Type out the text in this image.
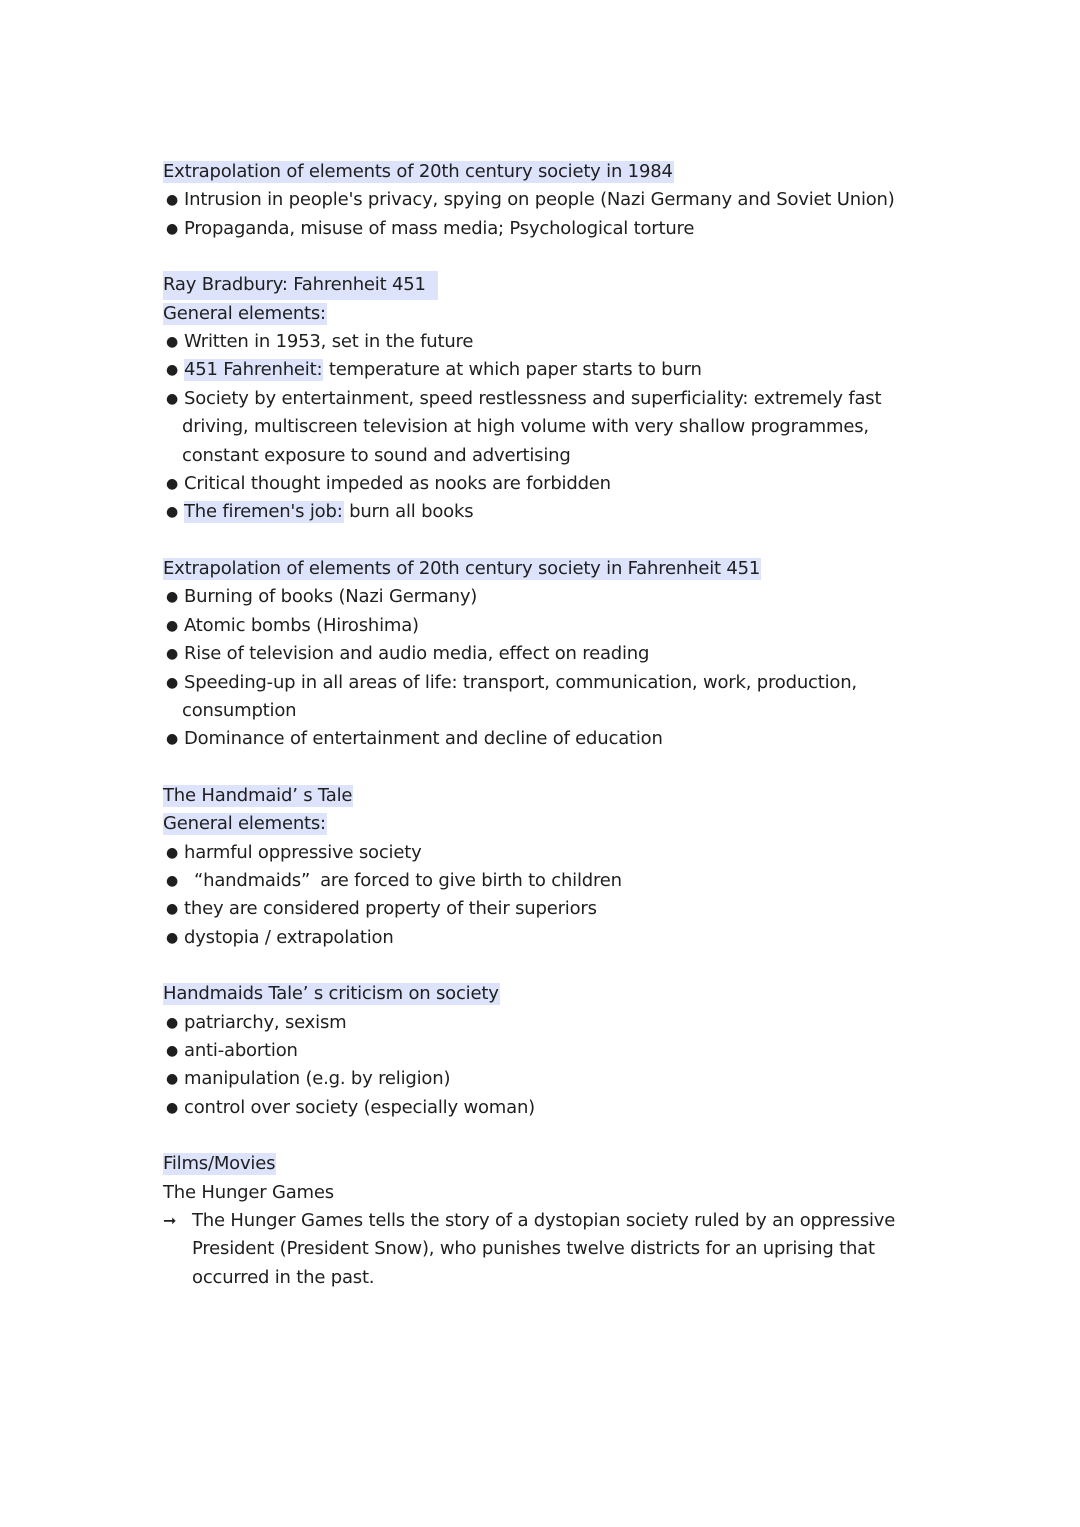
Extrapolation of elements of 20th century society in 1984
● Intrusion in people's privacy, spying on people (Nazi Germany and Soviet Union)
● Propaganda, misuse of mass media; Psychological torture
Ray Bradbury: Fahrenheit 451
General elements:
● Written in 1953, set in the future
● 451 Fahrenheit: temperature at which paper starts to burn
● Society by entertainment, speed restlessness and superficiality: extremely fast
driving, multiscreen television at high volume with very shallow programmes,
constant exposure to sound and advertising
● Critical thought impeded as nooks are forbidden
● The firemen's job: burn all books
Extrapolation of elements of 20th century society in Fahrenheit 451
● Burning of books (Nazi Germany)
● Atomic bombs (Hiroshima)
● Rise of television and audio media, effect on reading
● Speeding-up in all areas of life: transport, communication, work, production,
consumption
● Dominance of entertainment and decline of education
The Handmaid’ s Tale
General elements:
● harmful oppressive society
● “handmaids” are forced to give birth to children
● they are considered property of their superiors
● dystopia / extrapolation
Handmaids Tale’ s criticism on society
● patriarchy, sexism
● anti-abortion
● manipulation (e.g. by religion)
● control over society (especially woman)
Films/Movies
The Hunger Games
➞ The Hunger Games tells the story of a dystopian society ruled by an oppressive
President (President Snow), who punishes twelve districts for an uprising that
occurred in the past.
